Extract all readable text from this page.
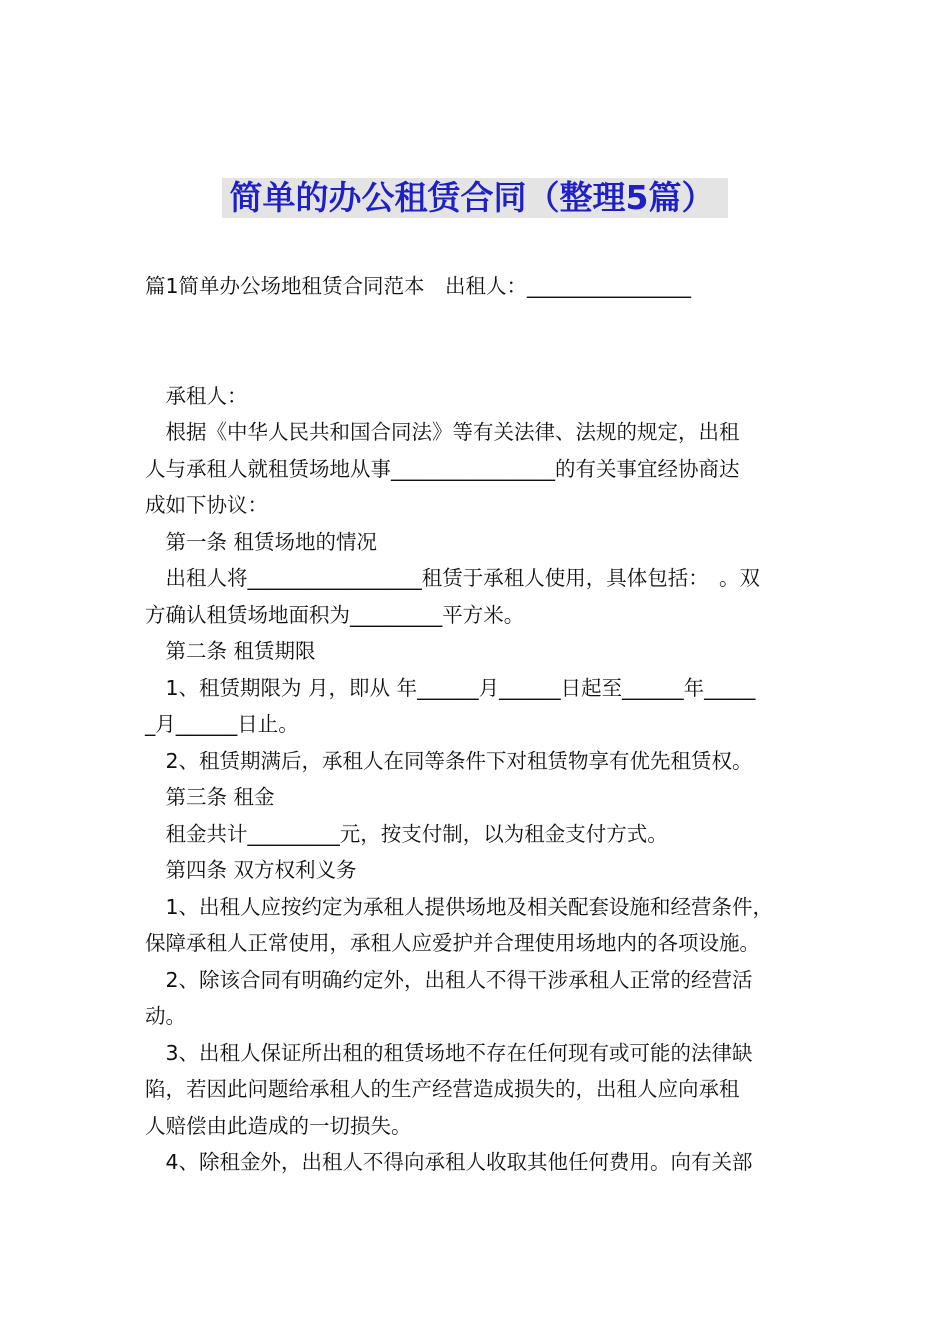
简单的办公租赁合同（整理5篇）
篇1简单办公场地租赁合同范本　出租人：________________
　承租人：
　根据《中华人民共和国合同法》等有关法律、法规的规定，出租
人与承租人就租赁场地从事________________的有关事宜经协商达
成如下协议：
　第一条 租赁场地的情况
　出租人将_________________租赁于承租人使用，具体包括：　。双
方确认租赁场地面积为_________平方米。
　第二条 租赁期限
　1、租赁期限为 月，即从 年______月______日起至______年_____
_月______日止。
　2、租赁期满后，承租人在同等条件下对租赁物享有优先租赁权。
　第三条 租金
　租金共计_________元，按支付制，以为租金支付方式。
　第四条 双方权利义务
　1、出租人应按约定为承租人提供场地及相关配套设施和经营条件，
保障承租人正常使用，承租人应爱护并合理使用场地内的各项设施。
　2、除该合同有明确约定外，出租人不得干涉承租人正常的经营活
动。
　3、出租人保证所出租的租赁场地不存在任何现有或可能的法律缺
陷，若因此问题给承租人的生产经营造成损失的，出租人应向承租
人赔偿由此造成的一切损失。
　4、除租金外，出租人不得向承租人收取其他任何费用。向有关部
